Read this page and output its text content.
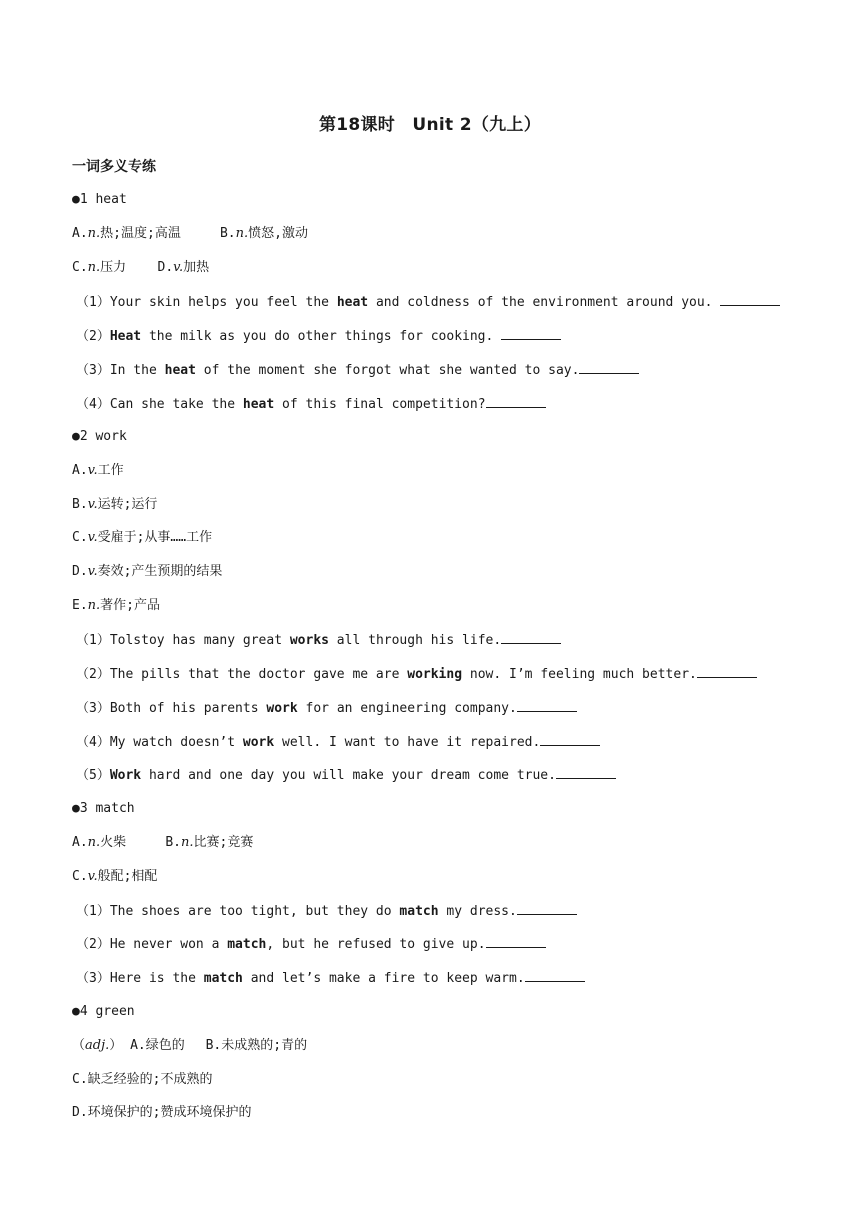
第18课时　Unit 2（九上）
一词多义专练
●1 heat
A.n.热;温度;高温	B.n.愤怒,激动
C.n.压力 D.v.加热
（1）Your skin helps you feel the heat and coldness of the environment around you.
（2）Heat the milk as you do other things for cooking.
（3）In the heat of the moment she forgot what she wanted to say.
（4）Can she take the heat of this final competition?
●2 work
A.v.工作
B.v.运转;运行
C.v.受雇于;从事……工作
D.v.奏效;产生预期的结果
E.n.著作;产品
（1）Tolstoy has many great works all through his life.
（2）The pills that the doctor gave me are working now. I’m feeling much better.
（3）Both of his parents work for an engineering company.
（4）My watch doesn’t work well. I want to have it repaired.
（5）Work hard and one day you will make your dream come true.
●3 match
A.n.火柴	B.n.比赛;竞赛
C.v.般配;相配
（1）The shoes are too tight, but they do match my dress.
（2）He never won a match, but he refused to give up.
（3）Here is the match and let’s make a fire to keep warm.
●4 green
（adj.） A.绿色的　 B.未成熟的;青的
C.缺乏经验的;不成熟的
D.环境保护的;赞成环境保护的
